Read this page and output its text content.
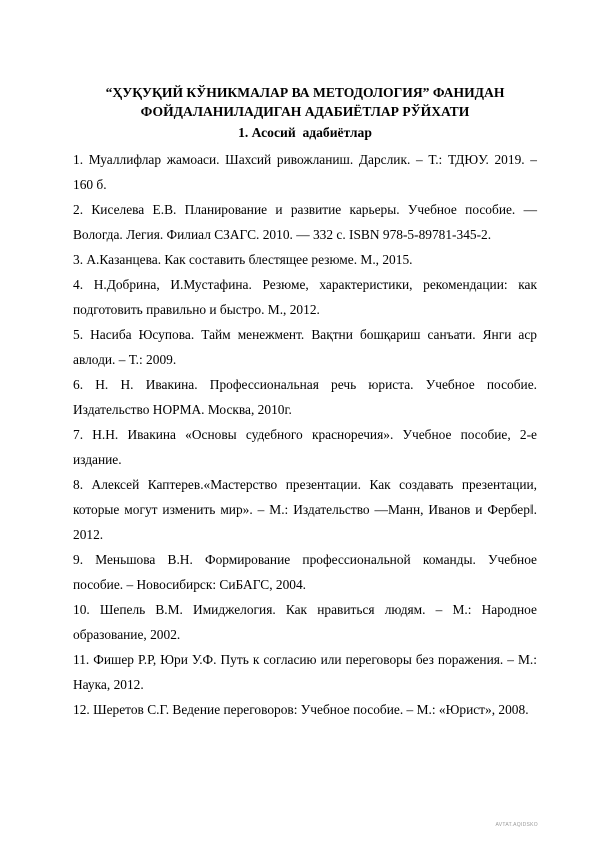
“ҲУҚУҚИЙ КЎНИКМАЛАР ВА МЕТОДОЛОГИЯ” ФАНИДАН

ФОЙДАЛАНИЛАДИГАН АДАБИЁТЛАР РЎЙХАТИ

1. Асосий  адабиётлар

1. Муаллифлар жамоаси. Шахсий ривожланиш. Дарслик. – Т.: ТДЮУ. 2019. – 160 б.
2. Киселева Е.В. Планирование и развитие карьеры. Учебное пособие. — Вологда. Легия. Филиал СЗАГС. 2010. — 332 с. ISBN 978-5-89781-345-2.
3. А.Казанцева. Как составить блестящее резюме. М., 2015.
4. Н.Добрина, И.Мустафина. Резюме, характеристики, рекомендации: как подготовить правильно и быстро. М., 2012.
5. Насиба Юсупова. Тайм менежмент. Вақтни бошқариш санъати. Янги аср авлоди. – Т.: 2009.
6. Н. Н. Ивакина. Профессиональная речь юриста. Учебное пособие. Издательство НОРМА. Москва, 2010г.
7. Н.Н. Ивакина «Основы судебного красноречия». Учебное пособие, 2-е издание.
8. Алексей Каптерев.«Мастерство презентации. Как создавать презентации, которые могут изменить мир». – М.: Издательство ―Манн, Иванов и Фербер‖. 2012.
9. Меньшова В.Н. Формирование профессиональной команды. Учебное пособие. – Новосибирск: СиБАГС, 2004.
10. Шепель В.М. Имиджелогия. Как нравиться людям. – М.: Народное образование, 2002.
11. Фишер Р.Р, Юри У.Ф. Путь к согласию или переговоры без поражения. – М.: Наука, 2012.
12. Шеретов С.Г. Ведение переговоров: Учебное пособие. – М.: «Юрист», 2008.
AVTAT.AQIDSKO
